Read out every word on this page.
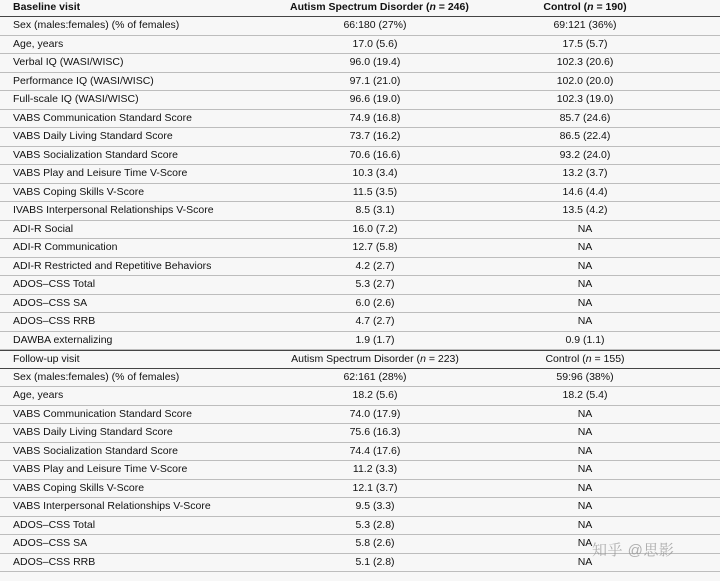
Baseline visit	Autism Spectrum Disorder (n = 246)	Control (n = 190)
Sex (males:females) (% of females)	66:180 (27%)	69:121 (36%)
Age, years	17.0 (5.6)	17.5 (5.7)
Verbal IQ (WASI/WISC)	96.0 (19.4)	102.3 (20.6)
Performance IQ (WASI/WISC)	97.1 (21.0)	102.0 (20.0)
Full-scale IQ (WASI/WISC)	96.6 (19.0)	102.3 (19.0)
VABS Communication Standard Score	74.9 (16.8)	85.7 (24.6)
VABS Daily Living Standard Score	73.7 (16.2)	86.5 (22.4)
VABS Socialization Standard Score	70.6 (16.6)	93.2 (24.0)
VABS Play and Leisure Time V-Score	10.3 (3.4)	13.2 (3.7)
VABS Coping Skills V-Score	11.5 (3.5)	14.6 (4.4)
IVABS Interpersonal Relationships V-Score	8.5 (3.1)	13.5 (4.2)
ADI-R Social	16.0 (7.2)	NA
ADI-R Communication	12.7 (5.8)	NA
ADI-R Restricted and Repetitive Behaviors	4.2 (2.7)	NA
ADOS–CSS Total	5.3 (2.7)	NA
ADOS–CSS SA	6.0 (2.6)	NA
ADOS–CSS RRB	4.7 (2.7)	NA
DAWBA externalizing	1.9 (1.7)	0.9 (1.1)
Follow-up visit	Autism Spectrum Disorder (n = 223)	Control (n = 155)
Sex (males:females) (% of females)	62:161 (28%)	59:96 (38%)
Age, years	18.2 (5.6)	18.2 (5.4)
VABS Communication Standard Score	74.0 (17.9)	NA
VABS Daily Living Standard Score	75.6 (16.3)	NA
VABS Socialization Standard Score	74.4 (17.6)	NA
VABS Play and Leisure Time V-Score	11.2 (3.3)	NA
VABS Coping Skills V-Score	12.1 (3.7)	NA
VABS Interpersonal Relationships V-Score	9.5 (3.3)	NA
ADOS–CSS Total	5.3 (2.8)	NA
ADOS–CSS SA	5.8 (2.6)	NA
ADOS–CSS RRB	5.1 (2.8)	NA
知乎 @思影
